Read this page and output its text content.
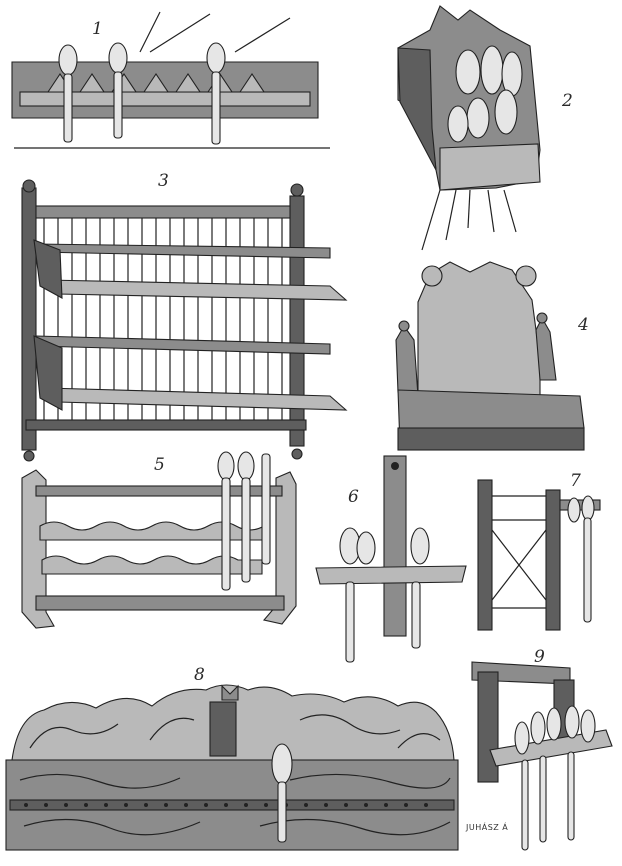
1
2
3
4
5
6
7
8
9
JUHÁSZ Á
